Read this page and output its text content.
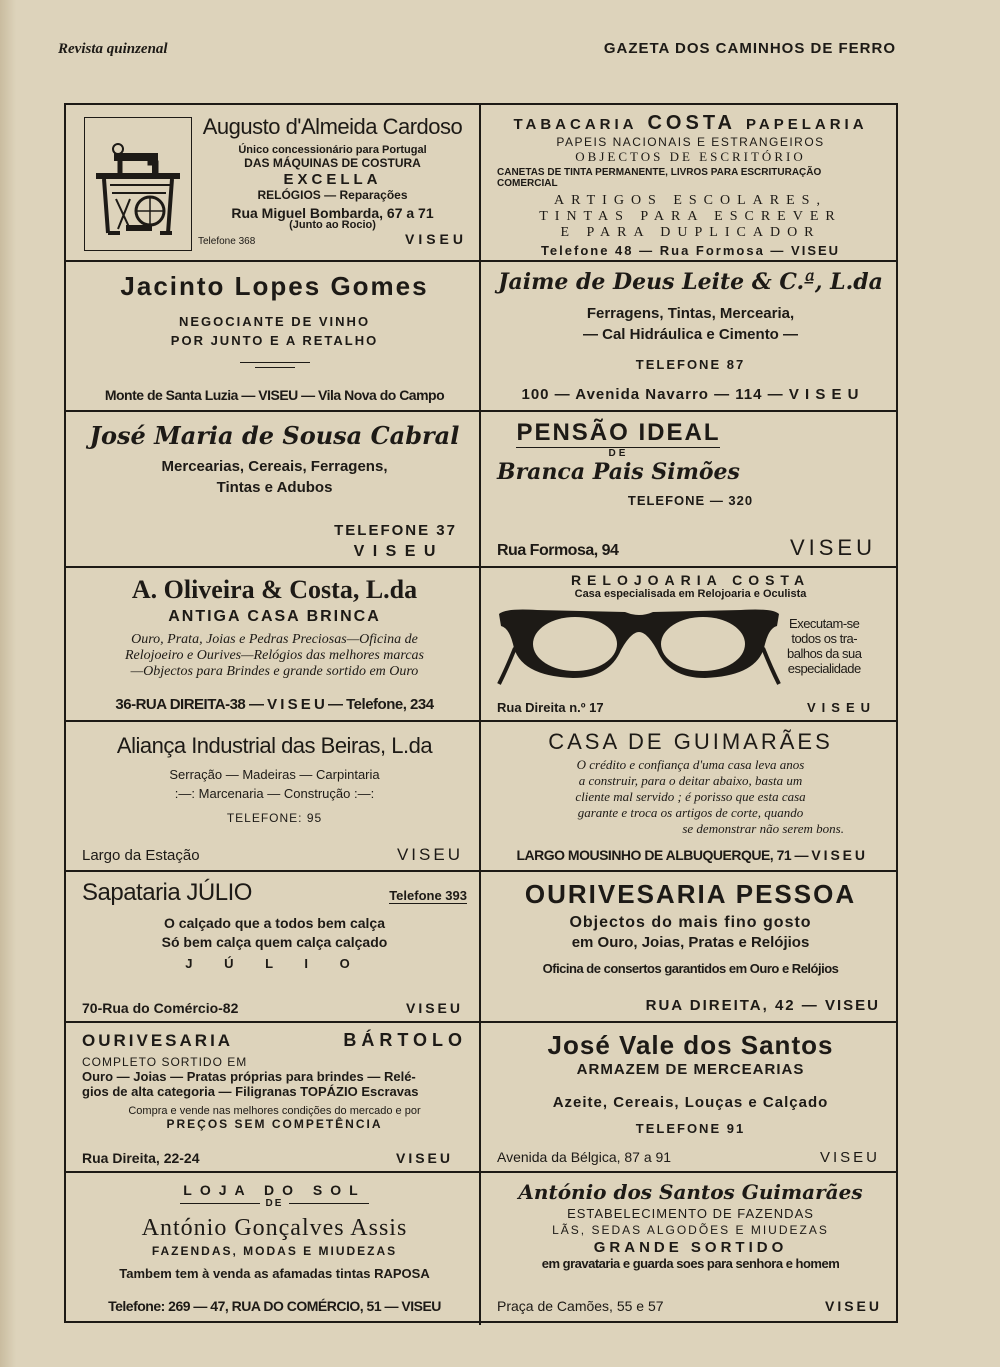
Revista quinzenal	GAZETA DOS CAMINHOS DE FERRO
Augusto d'Almeida Cardoso
Único concessionário para Portugal
DAS MÁQUINAS DE COSTURA
EXCELLA
RELÓGIOS — Reparações
Rua Miguel Bombarda, 67 a 71
(Junto ao Rocio)
Telefone 368	VISEU
TABACARIA COSTA PAPELARIA
PAPEIS NACIONAIS E ESTRANGEIROS
OBJECTOS DE ESCRITÓRIO
CANETAS DE TINTA PERMANENTE, LIVROS PARA ESCRITURAÇÃO COMERCIAL
ARTIGOS ESCOLARES,
TINTAS PARA ESCREVER
E PARA DUPLICADOR
Telefone 48 — Rua Formosa — VISEU
Jacinto Lopes Gomes
NEGOCIANTE DE VINHO
POR JUNTO E A RETALHO
Monte de Santa Luzia — VISEU — Vila Nova do Campo
Jaime de Deus Leite & C.ª, L.da
Ferragens, Tintas, Mercearia,
— Cal Hidráulica e Cimento —
TELEFONE 87
100 — Avenida Navarro — 114 — V I S E U
José Maria de Sousa Cabral
Mercearias, Cereais, Ferragens,
Tintas e Adubos
TELEFONE 37
V I S E U
PENSÃO IDEAL
DE
Branca Pais Simões
TELEFONE — 320
Rua Formosa, 94	VISEU
A. Oliveira & Costa, L.da
ANTIGA CASA BRINCA
Ouro, Prata, Joias e Pedras Preciosas—Oficina de
Relojoeiro e Ourives—Relógios das melhores marcas
—Objectos para Brindes e grande sortido em Ouro
36-RUA DIREITA-38 — V I S E U — Telefone, 234
RELOJOARIA COSTA
Casa especialisada em Relojoaria e Oculista
Executam-se
todos os tra-
balhos da sua
especialidade
Rua Direita n.º 17	VISEU
Aliança Industrial das Beiras, L.da
Serração — Madeiras — Carpintaria
:—: Marcenaria — Construção :—:
TELEFONE: 95
Largo da Estação	VISEU
CASA DE GUIMARÃES
O crédito e confiança d'uma casa leva anos
a construir, para o deitar abaixo, basta um
cliente mal servido ; é porisso que esta casa
garante e troca os artigos de corte, quando
se demonstrar não serem bons.
LARGO MOUSINHO DE ALBUQUERQUE, 71 — V I S E U
Sapataria JÚLIO	Telefone 393
O calçado que a todos bem calça
Só bem calça quem calça calçado
J Ú L I O
70-Rua do Comércio-82	VISEU
OURIVESARIA PESSOA
Objectos do mais fino gosto
em Ouro, Joias, Pratas e Relójios
Oficina de consertos garantidos em Ouro e Relójios
RUA DIREITA, 42 — VISEU
OURIVESARIA	BÁRTOLO
COMPLETO SORTIDO EM
Ouro — Joias — Pratas próprias para brindes — Relé-
gios de alta categoria — Filigranas TOPÁZIO Escravas
Compra e vende nas melhores condições do mercado e por
PREÇOS SEM COMPETÊNCIA
Rua Direita, 22-24	VISEU
José Vale dos Santos
ARMAZEM DE MERCEARIAS
Azeite, Cereais, Louças e Calçado
TELEFONE 91
Avenida da Bélgica, 87 a 91	VISEU
LOJA DO SOL
DE
António Gonçalves Assis
FAZENDAS, MODAS E MIUDEZAS
Tambem tem à venda as afamadas tintas RAPOSA
Telefone: 269 — 47, RUA DO COMÉRCIO, 51 — VISEU
António dos Santos Guimarães
ESTABELECIMENTO DE FAZENDAS
LÃS, SEDAS ALGODÕES E MIUDEZAS
GRANDE SORTIDO
em gravataria e guarda soes para senhora e homem
Praça de Camões, 55 e 57	VISEU
